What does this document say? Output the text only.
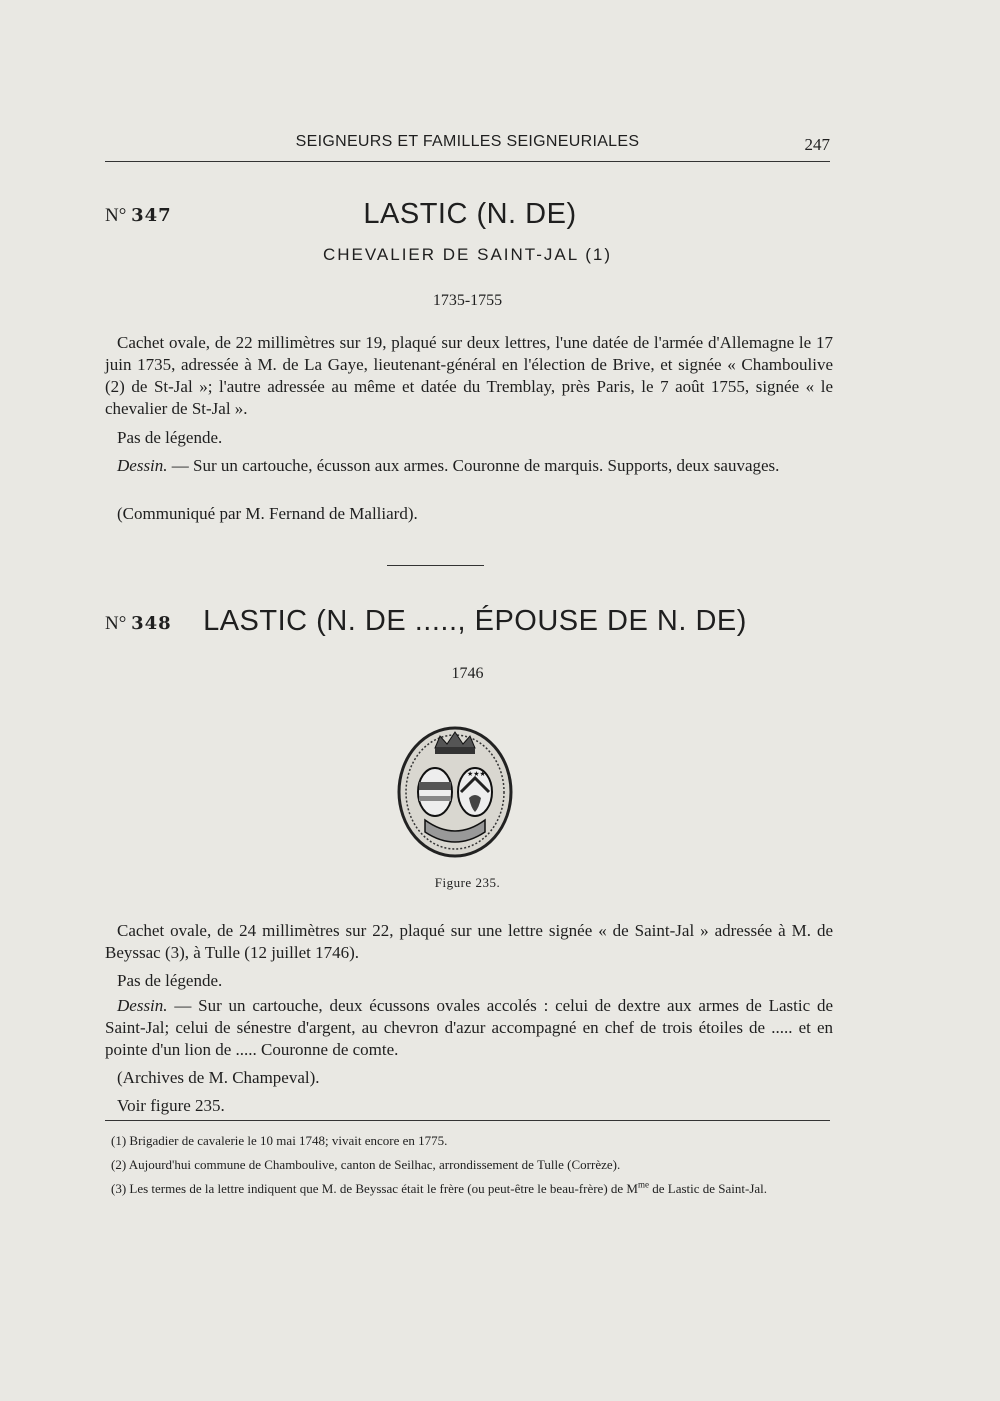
SEIGNEURS ET FAMILLES SEIGNEURIALES	247
N° 347	LASTIC (N. DE)
CHEVALIER DE SAINT-JAL (1)
1735-1755

Cachet ovale, de 22 millimètres sur 19, plaqué sur deux lettres, l'une datée de l'armée d'Allemagne le 17 juin 1735, adressée à M. de La Gaye, lieutenant-général en l'élection de Brive, et signée « Chamboulive (2) de St-Jal »; l'autre adressée au même et datée du Tremblay, près Paris, le 7 août 1755, signée « le chevalier de St-Jal ».

Pas de légende.

Dessin. — Sur un cartouche, écusson aux armes. Couronne de marquis. Supports, deux sauvages.

(Communiqué par M. Fernand de Malliard).

N° 348 LASTIC (N. DE ....., ÉPOUSE DE N. DE)
1746
★★★
Figure 235.

Cachet ovale, de 24 millimètres sur 22, plaqué sur une lettre signée « de Saint-Jal » adressée à M. de Beyssac (3), à Tulle (12 juillet 1746).

Pas de légende.

Dessin. — Sur un cartouche, deux écussons ovales accolés : celui de dextre aux armes de Lastic de Saint-Jal; celui de sénestre d'argent, au chevron d'azur accompagné en chef de trois étoiles de ..... et en pointe d'un lion de ..... Couronne de comte.

(Archives de M. Champeval).

Voir figure 235.

(1) Brigadier de cavalerie le 10 mai 1748; vivait encore en 1775.

(2) Aujourd'hui commune de Chamboulive, canton de Seilhac, arrondissement de Tulle (Corrèze).

(3) Les termes de la lettre indiquent que M. de Beyssac était le frère (ou peut-être le beau-frère) de $M^{me}$ de Lastic de Saint-Jal.
